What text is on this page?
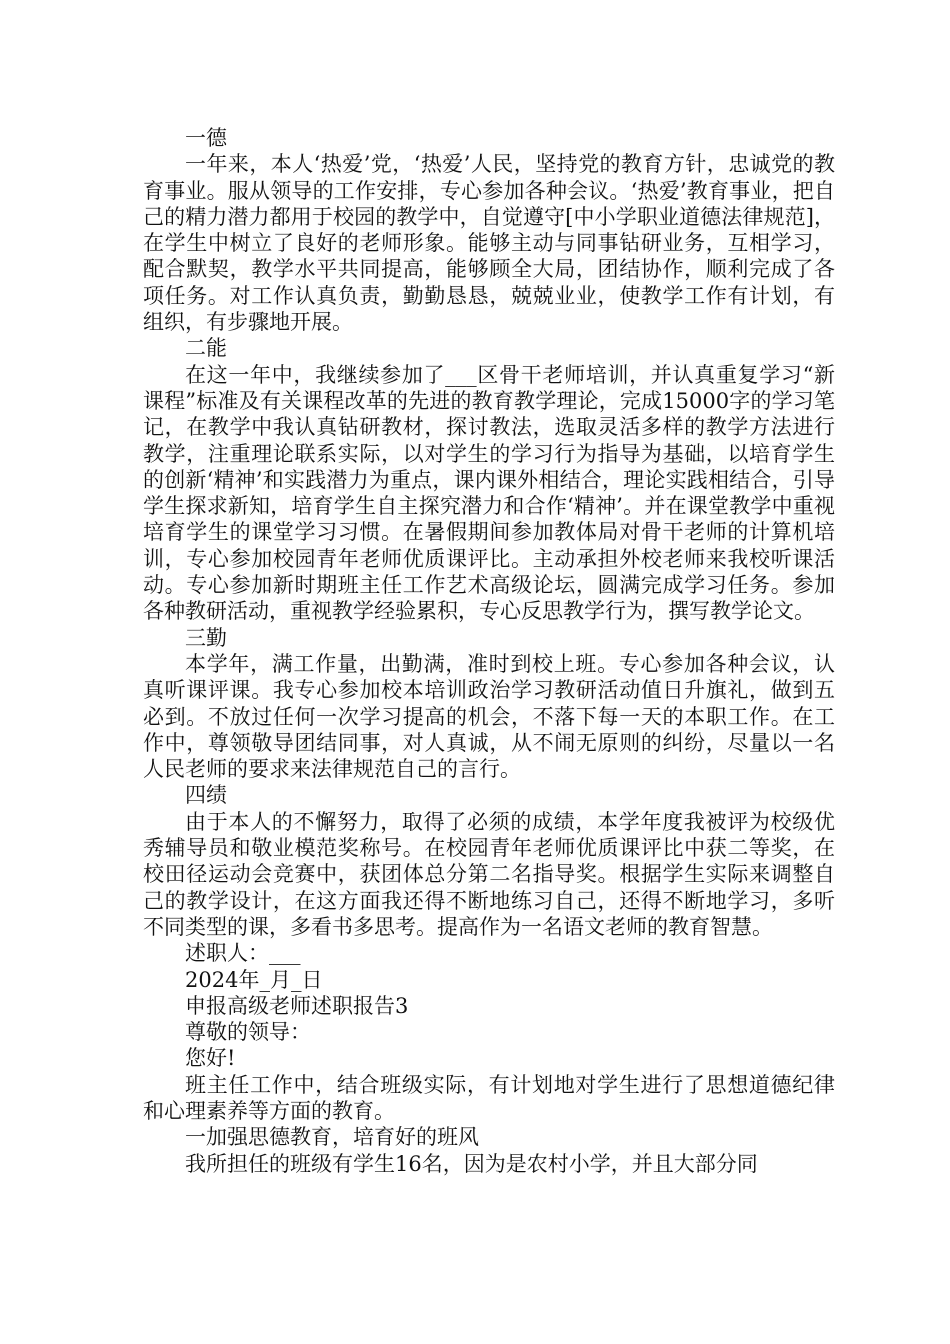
一德

一年来，本人‘热爱’党，‘热爱’人民，坚持党的教育方针，忠诚党的教育事业。服从领导的工作安排，专心参加各种会议。‘热爱’教育事业，把自己的精力潜力都用于校园的教学中，自觉遵守[中小学职业道德法律规范]，在学生中树立了良好的老师形象。能够主动与同事钻研业务，互相学习，配合默契，教学水平共同提高，能够顾全大局，团结协作，顺利完成了各项任务。对工作认真负责，勤勤恳恳，兢兢业业，使教学工作有计划，有组织，有步骤地开展。

二能

在这一年中，我继续参加了___区骨干老师培训，并认真重复学习“新课程”标准及有关课程改革的先进的教育教学理论，完成15000字的学习笔记，在教学中我认真钻研教材，探讨教法，选取灵活多样的教学方法进行教学，注重理论联系实际，以对学生的学习行为指导为基础，以培育学生的创新‘精神’和实践潜力为重点，课内课外相结合，理论实践相结合，引导学生探求新知，培育学生自主探究潜力和合作‘精神’。并在课堂教学中重视培育学生的课堂学习习惯。在暑假期间参加教体局对骨干老师的计算机培训，专心参加校园青年老师优质课评比。主动承担外校老师来我校听课活动。专心参加新时期班主任工作艺术高级论坛，圆满完成学习任务。参加各种教研活动，重视教学经验累积，专心反思教学行为，撰写教学论文。

三勤

本学年，满工作量，出勤满，准时到校上班。专心参加各种会议，认真听课评课。我专心参加校本培训政治学习教研活动值日升旗礼，做到五必到。不放过任何一次学习提高的机会，不落下每一天的本职工作。在工作中，尊领敬导团结同事，对人真诚，从不闹无原则的纠纷，尽量以一名人民老师的要求来法律规范自己的言行。

四绩

由于本人的不懈努力，取得了必须的成绩，本学年度我被评为校级优秀辅导员和敬业模范奖称号。在校园青年老师优质课评比中获二等奖，在校田径运动会竞赛中，获团体总分第二名指导奖。根据学生实际来调整自己的教学设计，在这方面我还得不断地练习自己，还得不断地学习，多听不同类型的课，多看书多思考。提高作为一名语文老师的教育智慧。

述职人：___

2024年_月_日

申报高级老师述职报告3

尊敬的领导：

您好!

班主任工作中，结合班级实际，有计划地对学生进行了思想道德纪律和心理素养等方面的教育。

一加强思德教育，培育好的班风

我所担任的班级有学生16名，因为是农村小学，并且大部分同
